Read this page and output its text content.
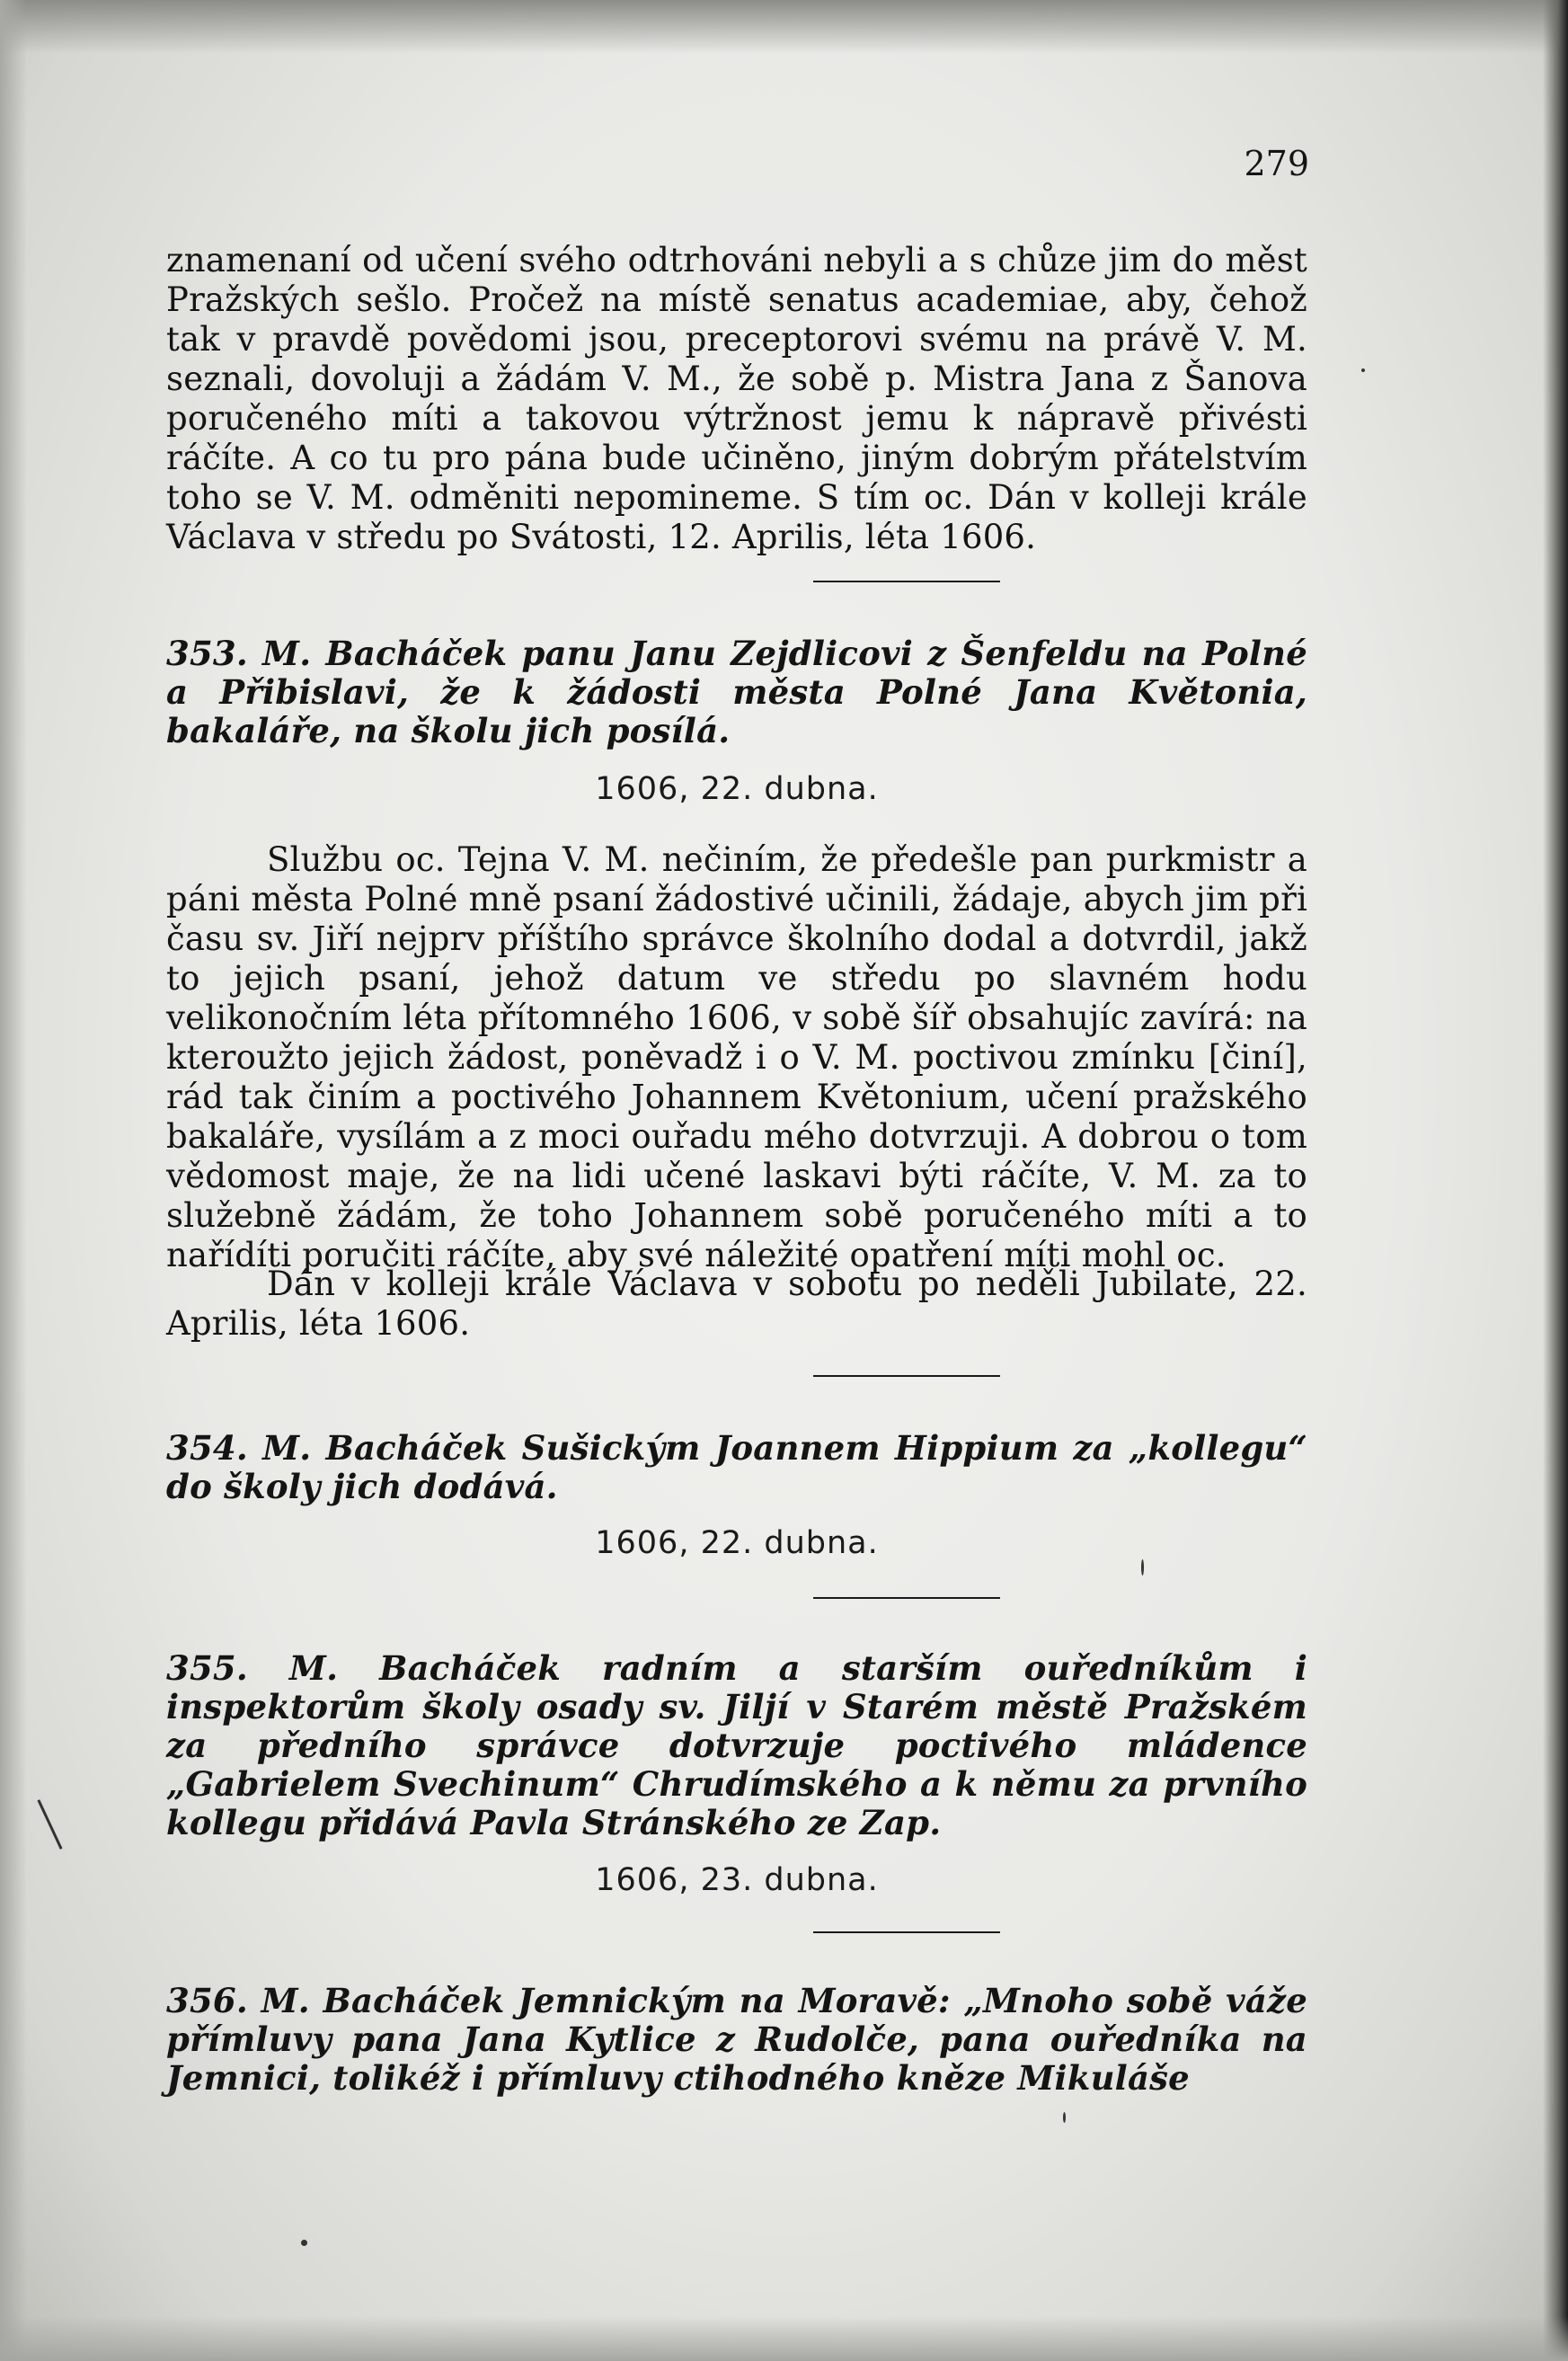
279

znamenaní od učení svého odtrhováni nebyli a s chůze jim do měst Pražských sešlo. Pročež na místě senatus academiae, aby, čehož tak v pravdě povědomi jsou, preceptorovi svému na právě V. M. seznali, dovoluji a žádám V. M., že sobě p. Mistra Jana z Šanova poručeného míti a takovou výtržnost jemu k nápravě přivésti ráčíte. A co tu pro pána bude učiněno, jiným dobrým přátelstvím toho se V. M. odměniti nepomineme. S tím oc. Dán v kolleji krále Václava v středu po Svátosti, 12. Aprilis, léta 1606.

353. M. Bacháček panu Janu Zejdlicovi z Šenfeldu na Polné a Přibislavi, že k žádosti města Polné Jana Květonia, bakaláře, na školu jich posílá.

1606, 22. dubna.

Službu oc. Tejna V. M. nečiním, že předešle pan purkmistr a páni města Polné mně psaní žádostivé učinili, žádaje, abych jim při času sv. Jiří nejprv příštího správce školního dodal a dotvrdil, jakž to jejich psaní, jehož datum ve středu po slavném hodu velikonočním léta přítomného 1606, v sobě šíř obsahujíc zavírá: na kteroužto jejich žádost, poněvadž i o V. M. poctivou zmínku [činí], rád tak činím a poctivého Johannem Květonium, učení pražského bakaláře, vysílám a z moci ouřadu mého dotvrzuji. A dobrou o tom vědomost maje, že na lidi učené laskavi býti ráčíte, V. M. za to služebně žádám, že toho Johannem sobě poručeného míti a to nařídíti poručiti ráčíte, aby své náležité opatření míti mohl oc.

Dán v kolleji krále Václava v sobotu po neděli Jubilate, 22. Aprilis, léta 1606.

354. M. Bacháček Sušickým Joannem Hippium za „kollegu“ do školy jich dodává.

1606, 22. dubna.

355. M. Bacháček radním a starším ouředníkům i inspektorům školy osady sv. Jiljí v Starém městě Pražském za předního správce dotvrzuje poctivého mládence „Gabrielem Svechinum“ Chrudímského a k němu za prvního kollegu přidává Pavla Stránského ze Zap.

1606, 23. dubna.

356. M. Bacháček Jemnickým na Moravě: „Mnoho sobě váže přímluvy pana Jana Kytlice z Rudolče, pana ouředníka na Jemnici, tolikéž i přímluvy ctihodného kněze Mikuláše
